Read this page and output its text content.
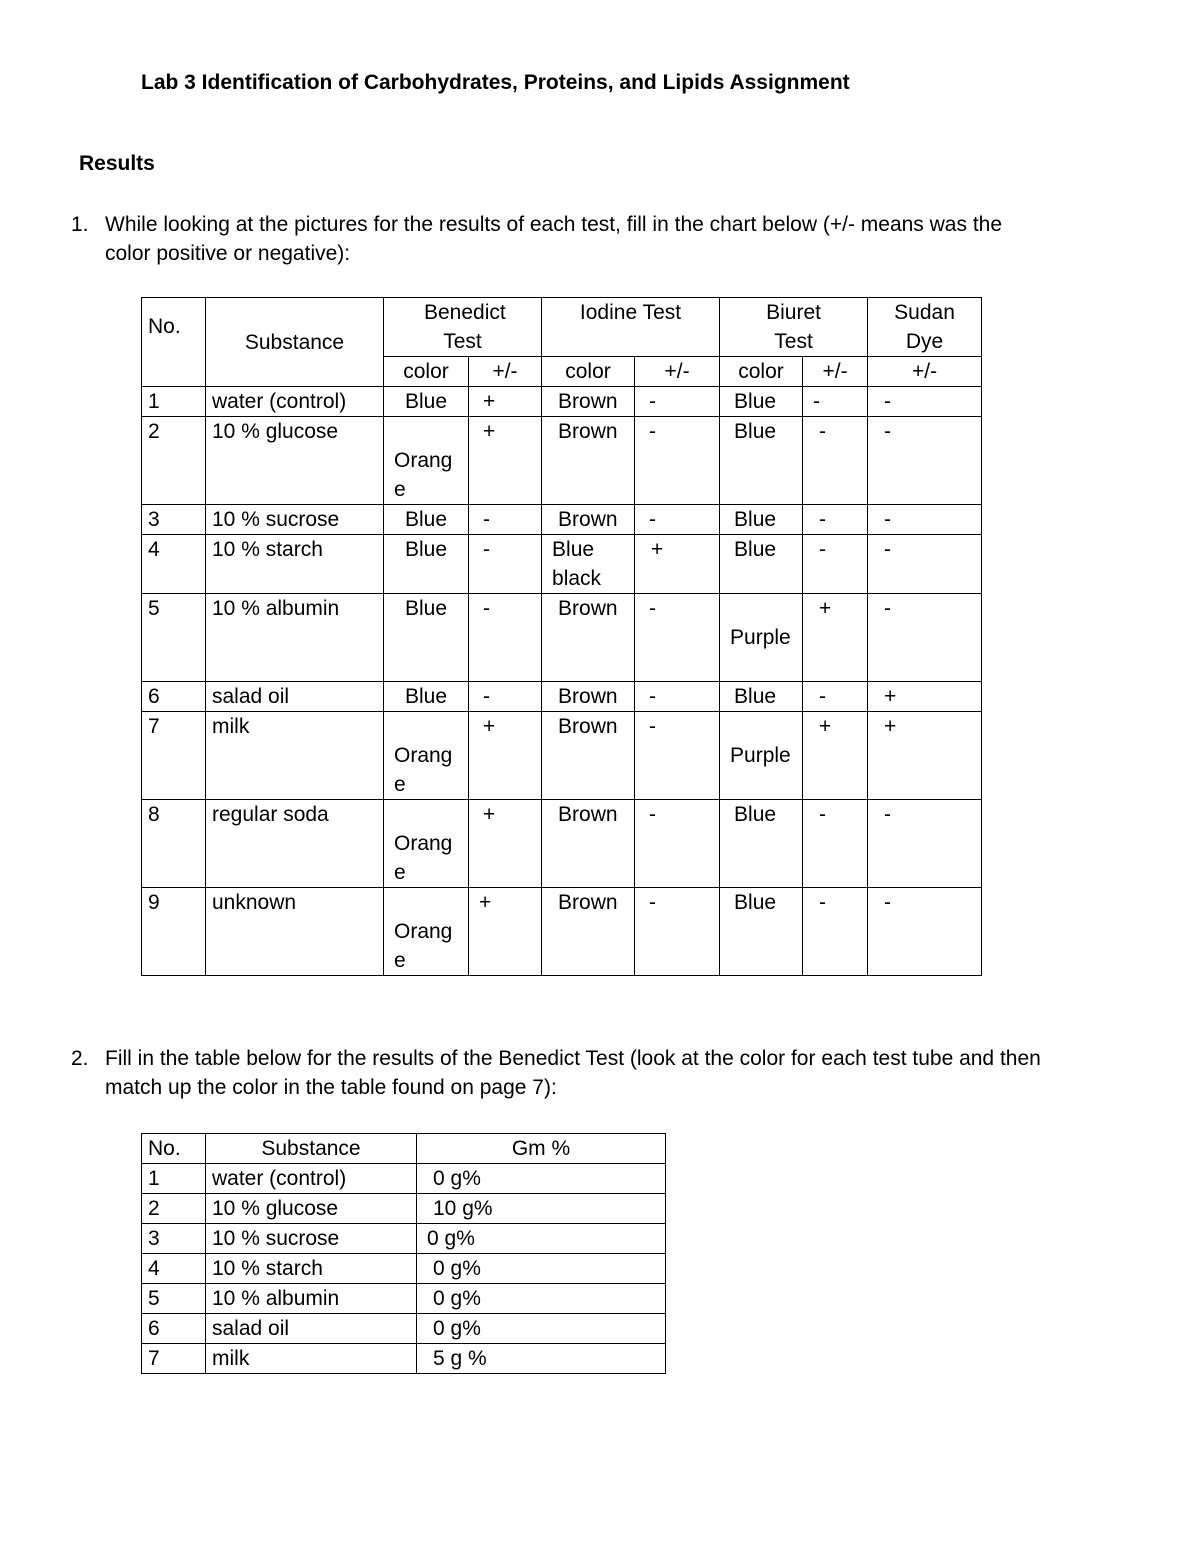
Lab 3 Identification of Carbohydrates, Proteins, and Lipids Assignment
Results
1. While looking at the pictures for the results of each test, fill in the chart below (+/- means was the color positive or negative):
No.	Substance	Benedict Test		Iodine Test		Biuret Test		Sudan Dye
		color	+/-	color	+/-	color	+/-	+/-
1	water (control)	Blue	+	Brown	-	Blue	-	-
2	10 % glucose	Orange	+	Brown	-	Blue	-	-
3	10 % sucrose	Blue	-	Brown	-	Blue	-	-
4	10 % starch	Blue	-	Blue black	+	Blue	-	-
5	10 % albumin	Blue	-	Brown	-	Purple	+	-
6	salad oil	Blue	-	Brown	-	Blue	-	+
7	milk	Orange	+	Brown	-	Purple	+	+
8	regular soda	Orange	+	Brown	-	Blue	-	-
9	unknown	Orange	+	Brown	-	Blue	-	-
2. Fill in the table below for the results of the Benedict Test (look at the color for each test tube and then match up the color in the table found on page 7):
No.	Substance	Gm %
1	water (control)	0 g%
2	10 % glucose	10 g%
3	10 % sucrose	0 g%
4	10 % starch	0 g%
5	10 % albumin	0 g%
6	salad oil	0 g%
7	milk	5 g %
